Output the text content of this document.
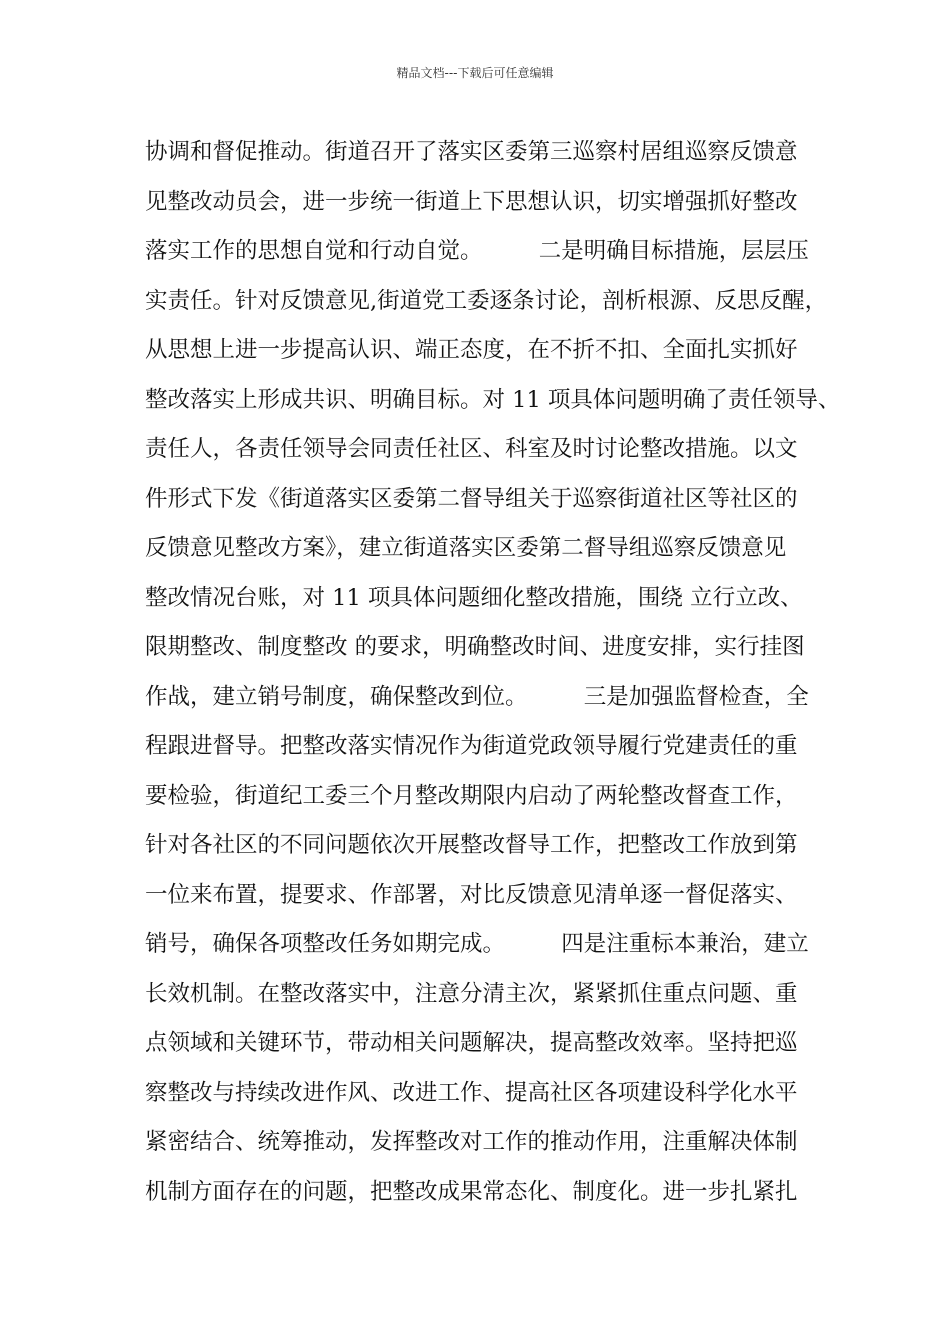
精品文档---下载后可任意编辑
协调和督促推动。街道召开了落实区委第三巡察村居组巡察反馈意
见整改动员会，进一步统一街道上下思想认识，切实增强抓好整改
落实工作的思想自觉和行动自觉。　　　二是明确目标措施，层层压
实责任。针对反馈意见,街道党工委逐条讨论，剖析根源、反思反醒，
从思想上进一步提高认识、端正态度，在不折不扣、全面扎实抓好
整改落实上形成共识、明确目标。对 11 项具体问题明确了责任领导、
责任人，各责任领导会同责任社区、科室及时讨论整改措施。以文
件形式下发《街道落实区委第二督导组关于巡察街道社区等社区的
反馈意见整改方案》，建立街道落实区委第二督导组巡察反馈意见
整改情况台账，对 11 项具体问题细化整改措施，围绕 立行立改、
限期整改、制度整改 的要求，明确整改时间、进度安排，实行挂图
作战，建立销号制度，确保整改到位。　　　三是加强监督检查，全
程跟进督导。把整改落实情况作为街道党政领导履行党建责任的重
要检验，街道纪工委三个月整改期限内启动了两轮整改督查工作，
针对各社区的不同问题依次开展整改督导工作，把整改工作放到第
一位来布置，提要求、作部署，对比反馈意见清单逐一督促落实、
销号，确保各项整改任务如期完成。　　　四是注重标本兼治，建立
长效机制。在整改落实中，注意分清主次，紧紧抓住重点问题、重
点领域和关键环节，带动相关问题解决，提高整改效率。坚持把巡
察整改与持续改进作风、改进工作、提高社区各项建设科学化水平
紧密结合、统筹推动，发挥整改对工作的推动作用，注重解决体制
机制方面存在的问题，把整改成果常态化、制度化。进一步扎紧扎
